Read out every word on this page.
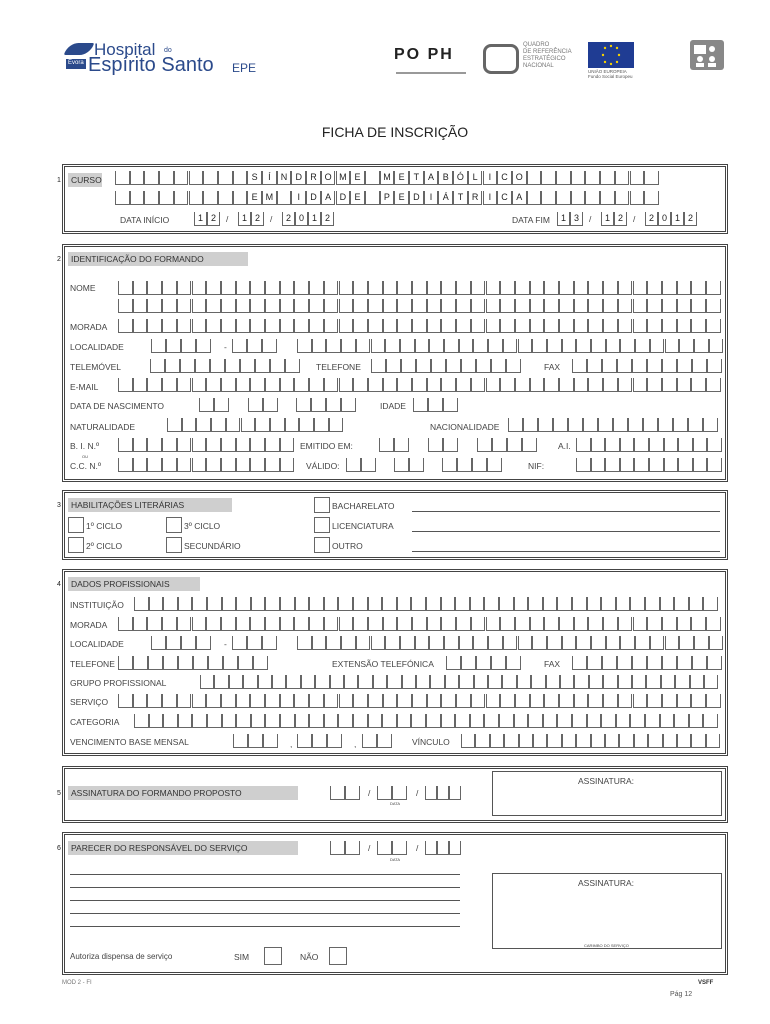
Hospital do
Évora Espírito Santo EPE
PO PH
QUADRO
DE REFERÊNCIA
ESTRATÉGICO
NACIONAL
UNIÃO EUROPEIA
Fundo Social Europeu
FICHA DE INSCRIÇÃO
1	CURSO	S	Í	N D R O M E	M E T A B Ó L	I	C O
E M	I	D A D E	P E D	I	Á T R	I	C A
DATA INÍCIO	1 2	/	1 2	/	2 0 1 2	DATA FIM	1 3	/	1 2	/	2 0 1 2
2	IDENTIFICAÇÃO DO FORMANDO
NOME
MORADA
LOCALIDADE	-
TELEMÓVEL	TELEFONE	FAX
E-MAIL
DATA DE NASCIMENTO	IDADE
NATURALIDADE	NACIONALIDADE
B. I. N.º
OU
EMITIDO EM:	A.I.
C.C. N.º	VÁLIDO:	NIF:
3	HABILITAÇÕES LITERÁRIAS
1º CICLO	3º CICLO
2º CICLO	SECUNDÁRIO
BACHARELATO
LICENCIATURA
OUTRO
4	DADOS PROFISSIONAIS
INSTITUIÇÃO
MORADA
LOCALIDADE	-
TELEFONE	EXTENSÃO TELEFÓNICA	FAX
GRUPO PROFISSIONAL
SERVIÇO
CATEGORIA
VENCIMENTO BASE MENSAL	,	,	VÍNCULO
5	ASSINATURA DO FORMANDO PROPOSTO	/	/
DATA
ASSINATURA:
6	PARECER DO RESPONSÁVEL DO SERVIÇO	/	/
DATA
ASSINATURA:
CARIMBO DO SERVIÇO
Autoriza dispensa de serviço	SIM	NÃO
MOD 2 - FI	VSFF
Pág 12
